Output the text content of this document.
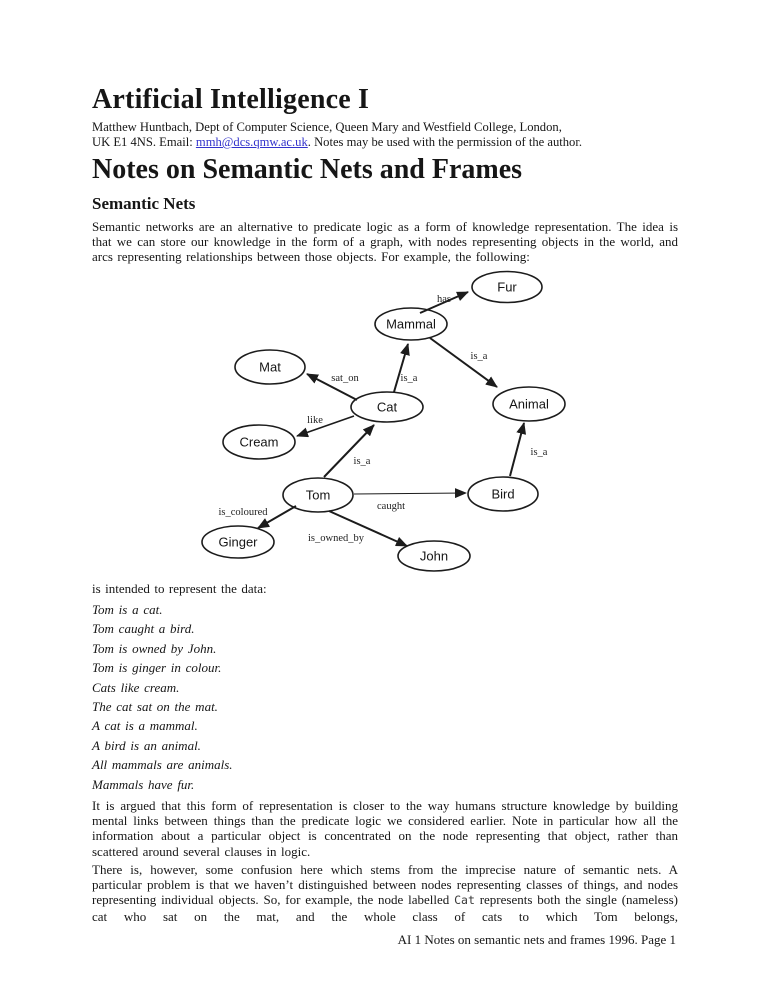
Artificial Intelligence I
Matthew Huntbach, Dept of Computer Science, Queen Mary and Westfield College, London,
UK E1 4NS. Email: mmh@dcs.qmw.ac.uk. Notes may be used with the permission of the author.
Notes on Semantic Nets and Frames
Semantic Nets

Semantic networks are an alternative to predicate logic as a form of knowledge representation. The idea is that we can store our knowledge in the form of a graph, with nodes representing objects in the world, and arcs representing relationships between those objects. For example, the following:

Fur
Mammal
Mat
Cat	Animal
Cream
Tom	Bird
Ginger
John
has
is_a
is_a
sat_on
like
is_a
caught
is_a
is_coloured
is_owned_by

is intended to represent the data:

Tom is a cat.
Tom caught a bird.
Tom is owned by John.
Tom is ginger in colour.
Cats like cream.
The cat sat on the mat.
A cat is a mammal.
A bird is an animal.
All mammals are animals.
Mammals have fur.

It is argued that this form of representation is closer to the way humans structure knowledge by building mental links between things than the predicate logic we considered earlier. Note in particular how all the information about a particular object is concentrated on the node representing that object, rather than scattered around several clauses in logic.

There is, however, some confusion here which stems from the imprecise nature of semantic nets. A particular problem is that we haven’t distinguished between nodes representing classes of things, and nodes representing individual objects. So, for example, the node labelled Cat represents both the single (nameless) cat who sat on the mat, and the whole class of cats to which Tom belongs,

AI 1 Notes on semantic nets and frames 1996. Page 1
